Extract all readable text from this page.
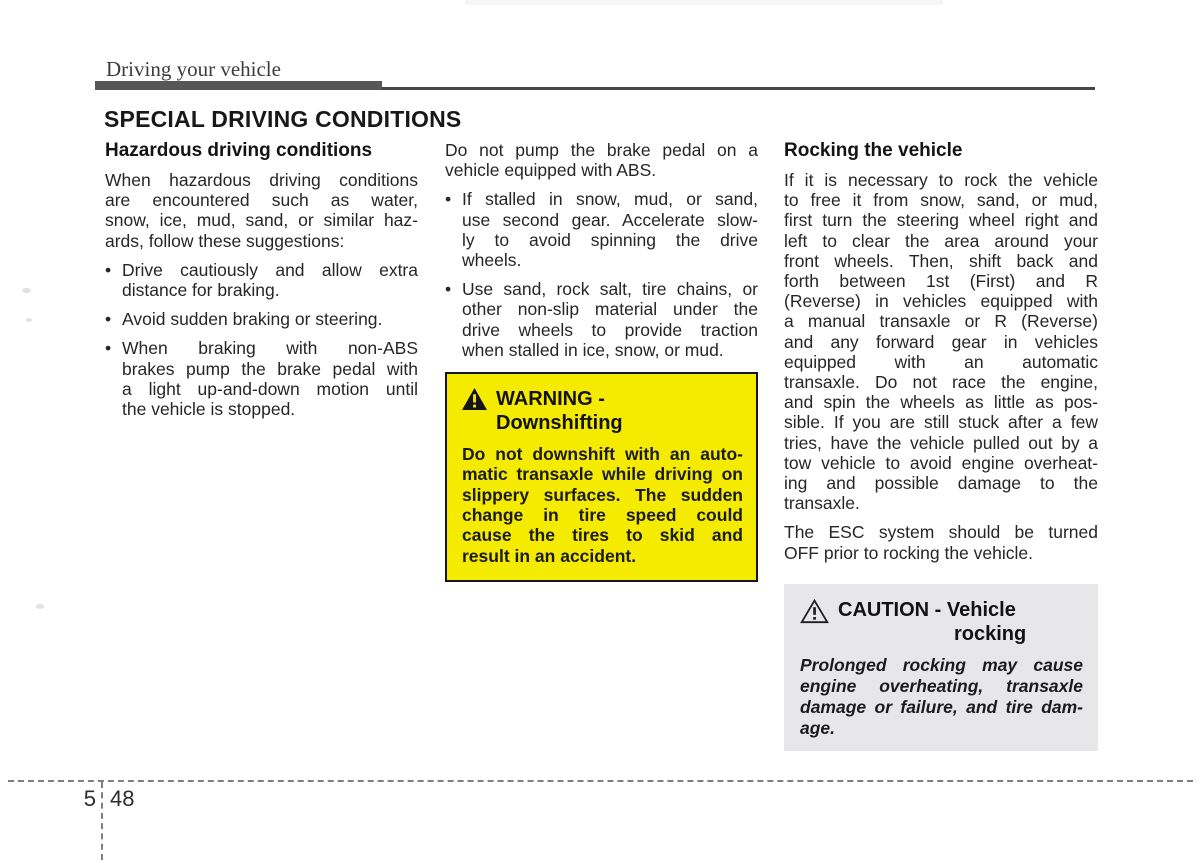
Driving your vehicle
SPECIAL DRIVING CONDITIONS
Hazardous driving conditions
When hazardous driving conditions
are encountered such as water,
snow, ice, mud, sand, or similar haz-
ards, follow these suggestions:
• Drive cautiously and allow extra
distance for braking.
• Avoid sudden braking or steering.
• When braking with non-ABS
brakes pump the brake pedal with
a light up-and-down motion until
the vehicle is stopped.
Do not pump the brake pedal on a
vehicle equipped with ABS.
• If stalled in snow, mud, or sand,
use second gear. Accelerate slow-
ly to avoid spinning the drive
wheels.
• Use sand, rock salt, tire chains, or
other non-slip material under the
drive wheels to provide traction
when stalled in ice, snow, or mud.
WARNING -
Downshifting
Do not downshift with an auto-
matic transaxle while driving on
slippery surfaces. The sudden
change in tire speed could
cause the tires to skid and
result in an accident.
Rocking the vehicle
If it is necessary to rock the vehicle
to free it from snow, sand, or mud,
first turn the steering wheel right and
left to clear the area around your
front wheels. Then, shift back and
forth between 1st (First) and R
(Reverse) in vehicles equipped with
a manual transaxle or R (Reverse)
and any forward gear in vehicles
equipped with an automatic
transaxle. Do not race the engine,
and spin the wheels as little as pos-
sible. If you are still stuck after a few
tries, have the vehicle pulled out by a
tow vehicle to avoid engine overheat-
ing and possible damage to the
transaxle.
The ESC system should be turned
OFF prior to rocking the vehicle.
CAUTION - Vehicle
rocking
Prolonged rocking may cause
engine overheating, transaxle
damage or failure, and tire dam-
age.
5 48
